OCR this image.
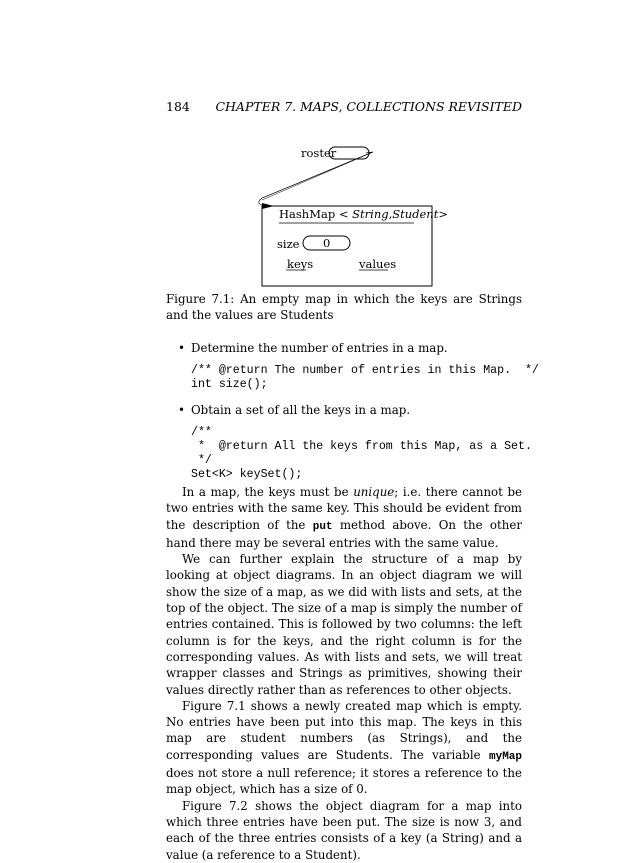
184 CHAPTER 7. MAPS, COLLECTIONS REVISITED
roster
HashMap < String,Student>
size 0
keys	values
Figure 7.1: An empty map in which the keys are Strings and the values are Students
• Determine the number of entries in a map.
/** @return The number of entries in this Map.  */
int size();
• Obtain a set of all the keys in a map.
/**
*  @return All the keys from this Map, as a Set.
*/
Set<K> keySet();

In a map, the keys must be unique; i.e. there cannot be two entries with the same key. This should be evident from the description of the put method above. On the other hand there may be several entries with the same value.

We can further explain the structure of a map by looking at object diagrams. In an object diagram we will show the size of a map, as we did with lists and sets, at the top of the object. The size of a map is simply the number of entries contained. This is followed by two columns: the left column is for the keys, and the right column is for the corresponding values. As with lists and sets, we will treat wrapper classes and Strings as primitives, showing their values directly rather than as references to other objects.

Figure 7.1 shows a newly created map which is empty. No entries have been put into this map. The keys in this map are student numbers (as Strings), and the corresponding values are Students. The variable myMap does not store a null reference; it stores a reference to the map object, which has a size of 0.

Figure 7.2 shows the object diagram for a map into which three entries have been put. The size is now 3, and each of the three entries consists of a key (a String) and a value (a reference to a Student).
